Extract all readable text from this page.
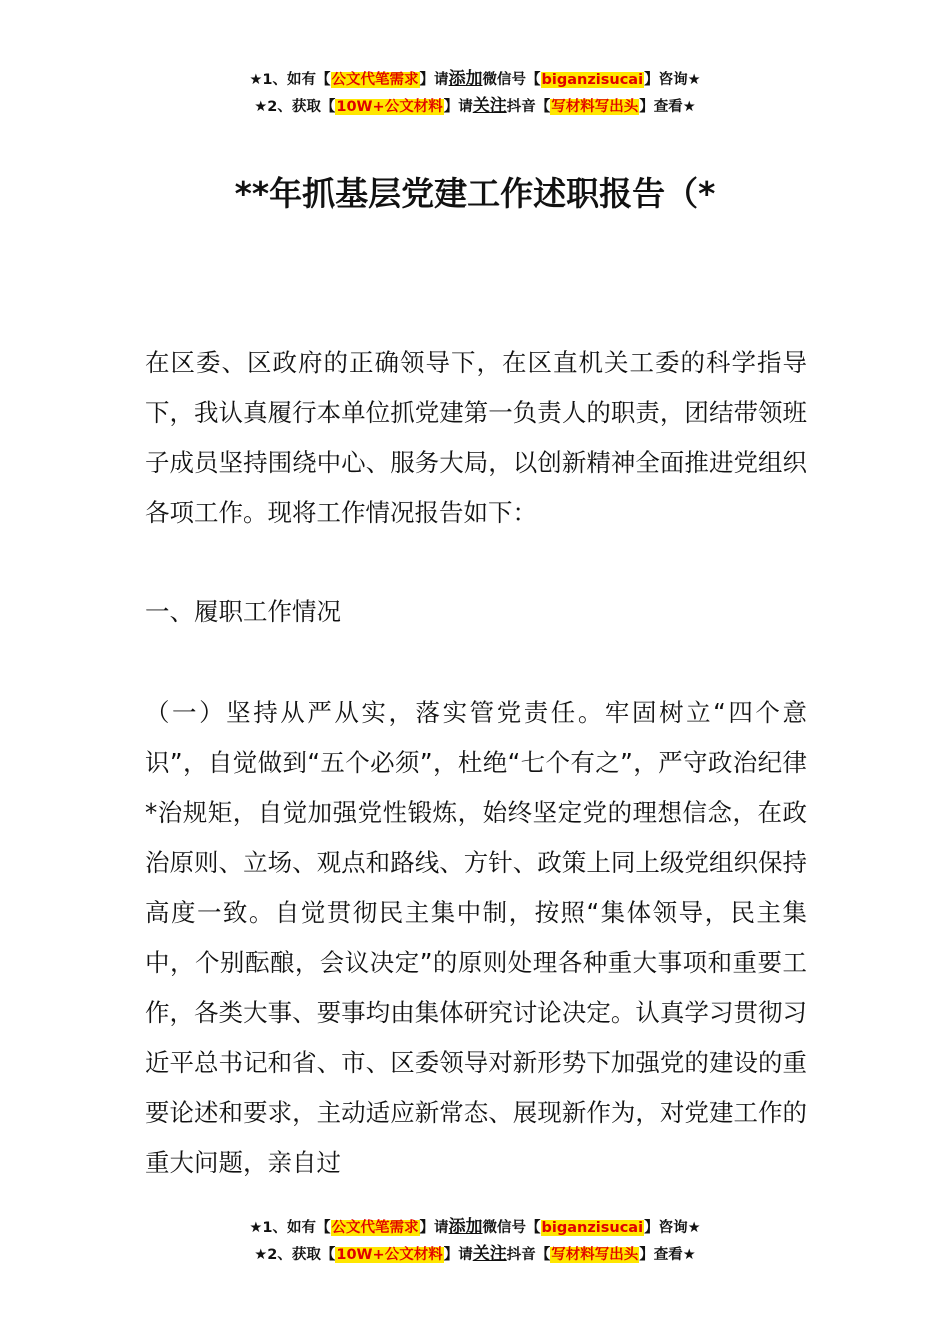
★1、如有【公文代笔需求】请添加微信号【biganzisucai】咨询★
★2、获取【10W+公文材料】请关注抖音【写材料写出头】查看★
**年抓基层党建工作述职报告（*

在区委、区政府的正确领导下，在区直机关工委的科学指导下，我认真履行本单位抓党建第一负责人的职责，团结带领班子成员坚持围绕中心、服务大局，以创新精神全面推进党组织各项工作。现将工作情况报告如下：

一、履职工作情况

（一）坚持从严从实，落实管党责任。牢固树立“四个意识”，自觉做到“五个必须”，杜绝“七个有之”，严守政治纪律*治规矩，自觉加强党性锻炼，始终坚定党的理想信念，在政治原则、立场、观点和路线、方针、政策上同上级党组织保持高度一致。自觉贯彻民主集中制，按照“集体领导，民主集中，个别酝酿，会议决定”的原则处理各种重大事项和重要工作，各类大事、要事均由集体研究讨论决定。认真学习贯彻习近平总书记和省、市、区委领导对新形势下加强党的建设的重要论述和要求，主动适应新常态、展现新作为，对党建工作的重大问题，亲自过

★1、如有【公文代笔需求】请添加微信号【biganzisucai】咨询★
★2、获取【10W+公文材料】请关注抖音【写材料写出头】查看★
